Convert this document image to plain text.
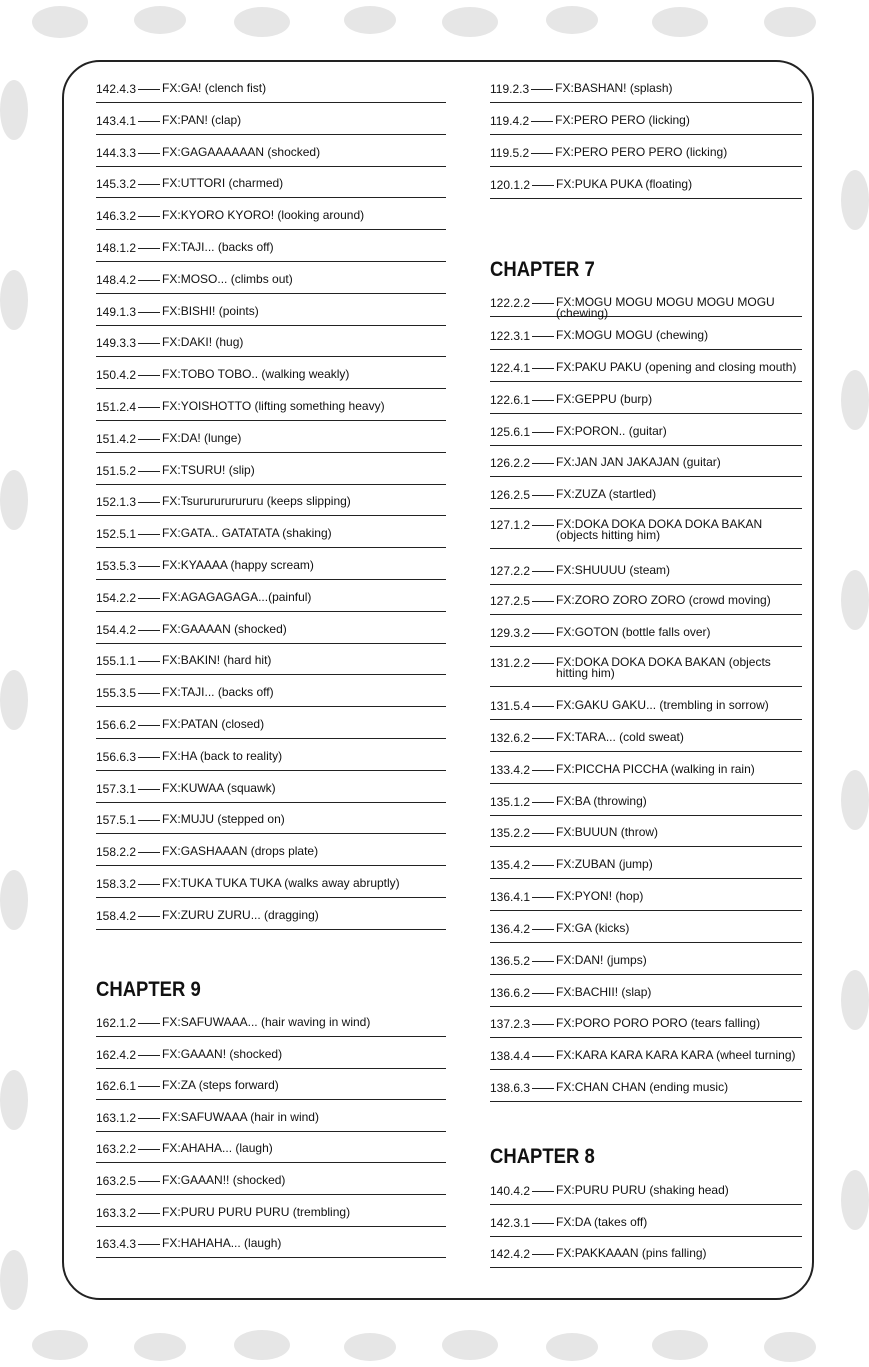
142.4.3 FX:GA! (clench fist)
143.4.1 FX:PAN! (clap)
144.3.3 FX:GAGAAAAAAN (shocked)
145.3.2 FX:UTTORI (charmed)
146.3.2 FX:KYORO KYORO! (looking around)
148.1.2 FX:TAJI... (backs off)
148.4.2 FX:MOSO... (climbs out)
149.1.3 FX:BISHI! (points)
149.3.3 FX:DAKI! (hug)
150.4.2 FX:TOBO TOBO.. (walking weakly)
151.2.4 FX:YOISHOTTO (lifting something heavy)
151.4.2 FX:DA! (lunge)
151.5.2 FX:TSURU! (slip)
152.1.3 FX:Tsururururururu (keeps slipping)
152.5.1 FX:GATA.. GATATATA (shaking)
153.5.3 FX:KYAAAA (happy scream)
154.2.2 FX:AGAGAGAGA...(painful)
154.4.2 FX:GAAAAN (shocked)
155.1.1 FX:BAKIN! (hard hit)
155.3.5 FX:TAJI... (backs off)
156.6.2 FX:PATAN (closed)
156.6.3 FX:HA (back to reality)
157.3.1 FX:KUWAA (squawk)
157.5.1 FX:MUJU (stepped on)
158.2.2 FX:GASHAAAN (drops plate)
158.3.2 FX:TUKA TUKA TUKA (walks away abruptly)
158.4.2 FX:ZURU ZURU... (dragging)
CHAPTER 9
162.1.2 FX:SAFUWAAA... (hair waving in wind)
162.4.2 FX:GAAAN! (shocked)
162.6.1 FX:ZA (steps forward)
163.1.2 FX:SAFUWAAA (hair in wind)
163.2.2 FX:AHAHA... (laugh)
163.2.5 FX:GAAAN!! (shocked)
163.3.2 FX:PURU PURU PURU (trembling)
163.4.3 FX:HAHAHA... (laugh)
119.2.3 FX:BASHAN! (splash)
119.4.2 FX:PERO PERO (licking)
119.5.2 FX:PERO PERO PERO (licking)
120.1.2 FX:PUKA PUKA (floating)
CHAPTER 7
122.2.2 FX:MOGU MOGU MOGU MOGU MOGU (chewing)
122.3.1 FX:MOGU MOGU (chewing)
122.4.1 FX:PAKU PAKU (opening and closing mouth)
122.6.1 FX:GEPPU (burp)
125.6.1 FX:PORON.. (guitar)
126.2.2 FX:JAN JAN JAKAJAN (guitar)
126.2.5 FX:ZUZA (startled)
127.1.2 FX:DOKA DOKA DOKA DOKA BAKAN (objects hitting him)
127.2.2 FX:SHUUUU (steam)
127.2.5 FX:ZORO ZORO ZORO (crowd moving)
129.3.2 FX:GOTON (bottle falls over)
131.2.2 FX:DOKA DOKA DOKA BAKAN (objects hitting him)
131.5.4 FX:GAKU GAKU... (trembling in sorrow)
132.6.2 FX:TARA... (cold sweat)
133.4.2 FX:PICCHA PICCHA (walking in rain)
135.1.2 FX:BA (throwing)
135.2.2 FX:BUUUN (throw)
135.4.2 FX:ZUBAN (jump)
136.4.1 FX:PYON! (hop)
136.4.2 FX:GA (kicks)
136.5.2 FX:DAN! (jumps)
136.6.2 FX:BACHII! (slap)
137.2.3 FX:PORO PORO PORO (tears falling)
138.4.4 FX:KARA KARA KARA KARA (wheel turning)
138.6.3 FX:CHAN CHAN (ending music)
CHAPTER 8
140.4.2 FX:PURU PURU (shaking head)
142.3.1 FX:DA (takes off)
142.4.2 FX:PAKKAAAN (pins falling)
